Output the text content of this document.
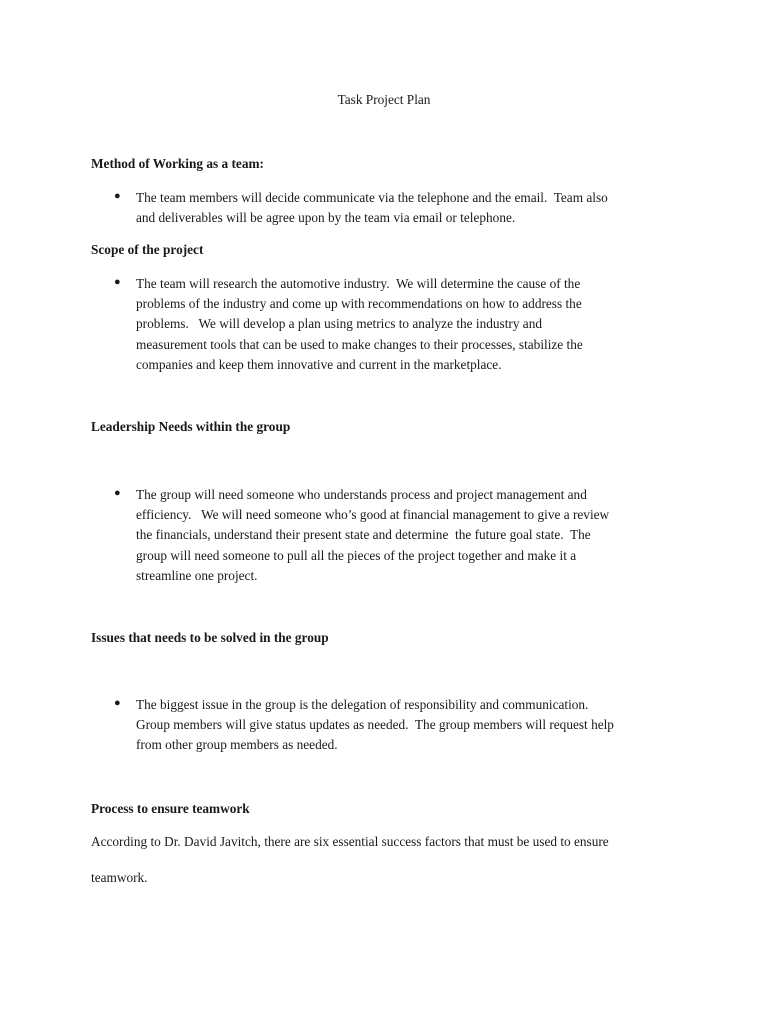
Task Project Plan
Method of Working as a team:
● The team members will decide communicate via the telephone and the email.  Team also
and deliverables will be agree upon by the team via email or telephone.
Scope of the project
● The team will research the automotive industry.  We will determine the cause of the
problems of the industry and come up with recommendations on how to address the
problems.   We will develop a plan using metrics to analyze the industry and
measurement tools that can be used to make changes to their processes, stabilize the
companies and keep them innovative and current in the marketplace.
Leadership Needs within the group
● The group will need someone who understands process and project management and
efficiency.   We will need someone who’s good at financial management to give a review
the financials, understand their present state and determine  the future goal state.  The
group will need someone to pull all the pieces of the project together and make it a
streamline one project.
Issues that needs to be solved in the group
● The biggest issue in the group is the delegation of responsibility and communication.
Group members will give status updates as needed.  The group members will request help
from other group members as needed.
Process to ensure teamwork
According to Dr. David Javitch, there are six essential success factors that must be used to ensure
teamwork.
